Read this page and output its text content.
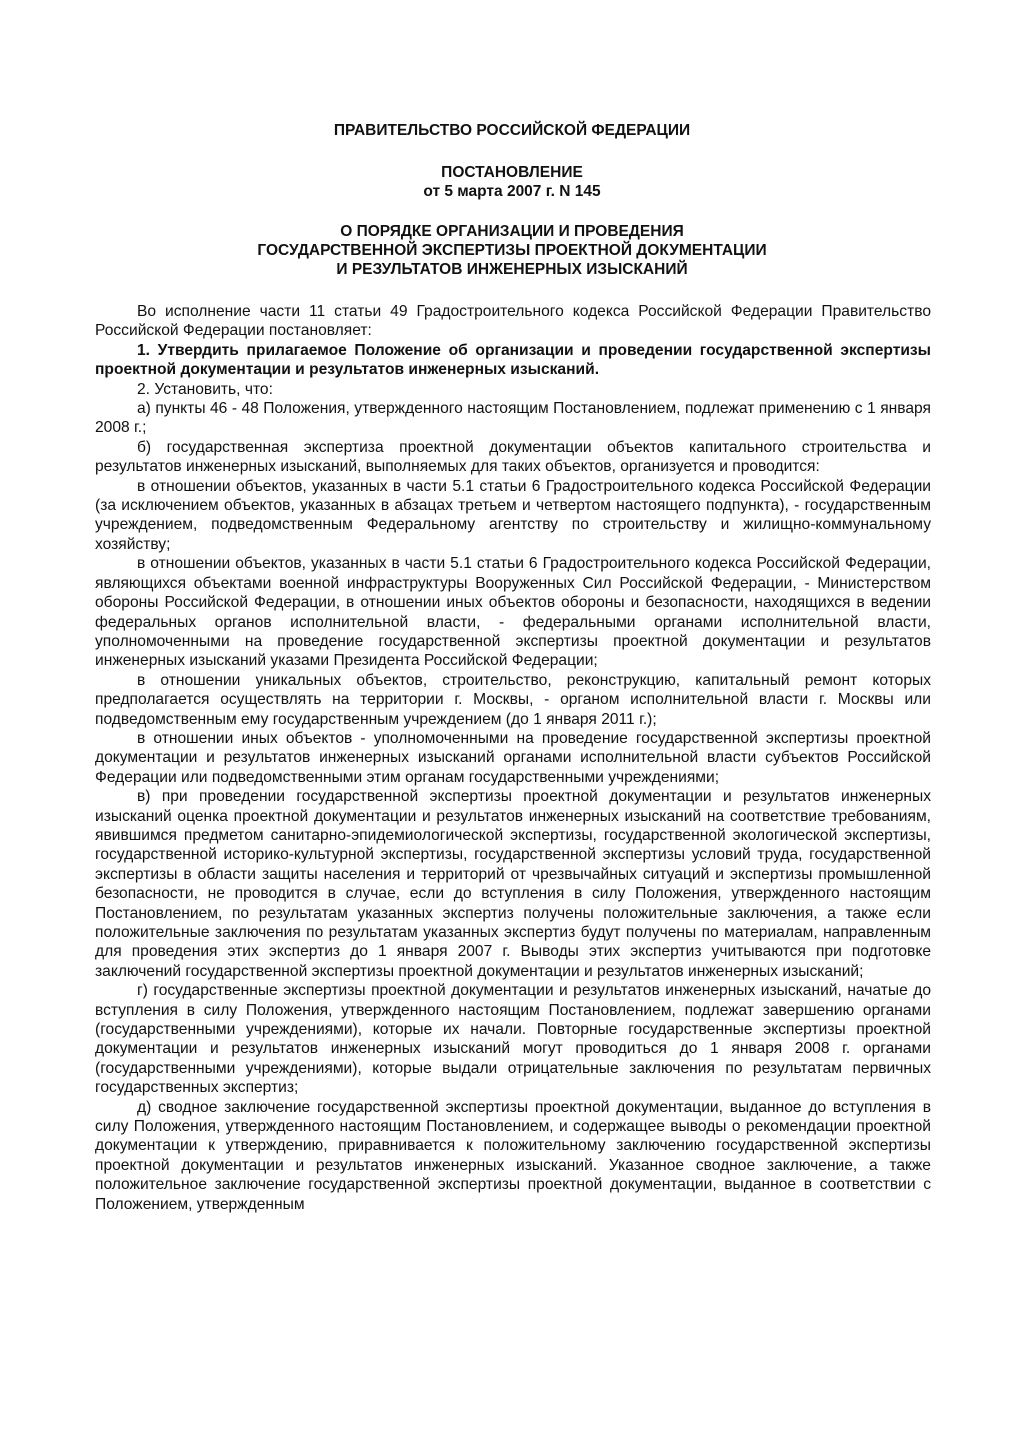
ПРАВИТЕЛЬСТВО РОССИЙСКОЙ ФЕДЕРАЦИИ
ПОСТАНОВЛЕНИЕ
от 5 марта 2007 г. N 145
О ПОРЯДКЕ ОРГАНИЗАЦИИ И ПРОВЕДЕНИЯ
ГОСУДАРСТВЕННОЙ ЭКСПЕРТИЗЫ ПРОЕКТНОЙ ДОКУМЕНТАЦИИ
И РЕЗУЛЬТАТОВ ИНЖЕНЕРНЫХ ИЗЫСКАНИЙ

Во исполнение части 11 статьи 49 Градостроительного кодекса Российской Федерации Правительство Российской Федерации постановляет:

1. Утвердить прилагаемое Положение об организации и проведении государственной экспертизы проектной документации и результатов инженерных изысканий.

2. Установить, что:

а) пункты 46 - 48 Положения, утвержденного настоящим Постановлением, подлежат применению с 1 января 2008 г.;

б) государственная экспертиза проектной документации объектов капитального строительства и результатов инженерных изысканий, выполняемых для таких объектов, организуется и проводится:

в отношении объектов, указанных в части 5.1 статьи 6 Градостроительного кодекса Российской Федерации (за исключением объектов, указанных в абзацах третьем и четвертом настоящего подпункта), - государственным учреждением, подведомственным Федеральному агентству по строительству и жилищно-коммунальному хозяйству;

в отношении объектов, указанных в части 5.1 статьи 6 Градостроительного кодекса Российской Федерации, являющихся объектами военной инфраструктуры Вооруженных Сил Российской Федерации, - Министерством обороны Российской Федерации, в отношении иных объектов обороны и безопасности, находящихся в ведении федеральных органов исполнительной власти, - федеральными органами исполнительной власти, уполномоченными на проведение государственной экспертизы проектной документации и результатов инженерных изысканий указами Президента Российской Федерации;

в отношении уникальных объектов, строительство, реконструкцию, капитальный ремонт которых предполагается осуществлять на территории г. Москвы, - органом исполнительной власти г. Москвы или подведомственным ему государственным учреждением (до 1 января 2011 г.);

в отношении иных объектов - уполномоченными на проведение государственной экспертизы проектной документации и результатов инженерных изысканий органами исполнительной власти субъектов Российской Федерации или подведомственными этим органам государственными учреждениями;

в) при проведении государственной экспертизы проектной документации и результатов инженерных изысканий оценка проектной документации и результатов инженерных изысканий на соответствие требованиям, явившимся предметом санитарно-эпидемиологической экспертизы, государственной экологической экспертизы, государственной историко-культурной экспертизы, государственной экспертизы условий труда, государственной экспертизы в области защиты населения и территорий от чрезвычайных ситуаций и экспертизы промышленной безопасности, не проводится в случае, если до вступления в силу Положения, утвержденного настоящим Постановлением, по результатам указанных экспертиз получены положительные заключения, а также если положительные заключения по результатам указанных экспертиз будут получены по материалам, направленным для проведения этих экспертиз до 1 января 2007 г. Выводы этих экспертиз учитываются при подготовке заключений государственной экспертизы проектной документации и результатов инженерных изысканий;

г) государственные экспертизы проектной документации и результатов инженерных изысканий, начатые до вступления в силу Положения, утвержденного настоящим Постановлением, подлежат завершению органами (государственными учреждениями), которые их начали. Повторные государственные экспертизы проектной документации и результатов инженерных изысканий могут проводиться до 1 января 2008 г. органами (государственными учреждениями), которые выдали отрицательные заключения по результатам первичных государственных экспертиз;

д) сводное заключение государственной экспертизы проектной документации, выданное до вступления в силу Положения, утвержденного настоящим Постановлением, и содержащее выводы о рекомендации проектной документации к утверждению, приравнивается к положительному заключению государственной экспертизы проектной документации и результатов инженерных изысканий. Указанное сводное заключение, а также положительное заключение государственной экспертизы проектной документации, выданное в соответствии с Положением, утвержденным
